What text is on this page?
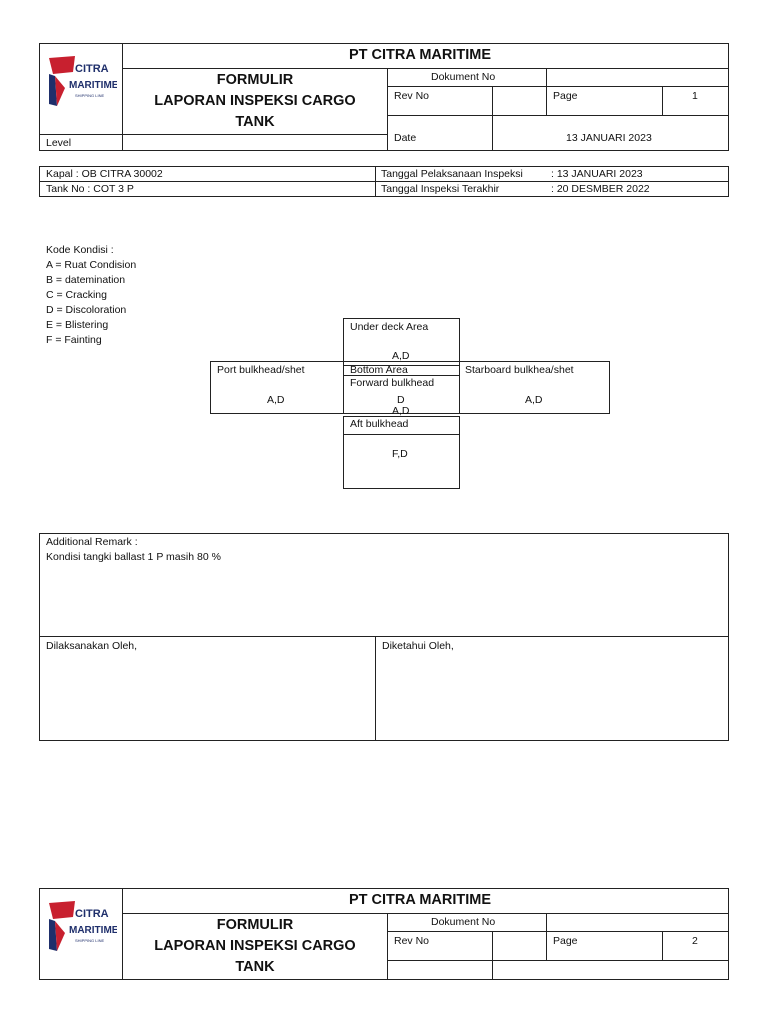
CITRA
MARITIME
SHIPPING LINE
PT CITRA MARITIME
FORMULIR
LAPORAN INSPEKSI CARGO
TANK
Dokument No
Rev No	Page	1
Date	13 JANUARI 2023
Level
Kapal : OB CITRA 30002
Tank No : COT 3 P
Tanggal Pelaksanaan Inspeksi	: 13 JANUARI 2023
Tanggal Inspeksi Terakhir	: 20 DESMBER 2022
Kode Kondisi :
A = Ruat Condision
B = datemination
C = Cracking
D = Discoloration
E = Blistering
F = Fainting
Under deck Area
A,D
Port bulkhead/shet
A,D
Bottom Area
Forward bulkhead
D
A,D
Starboard bulkhea/shet
A,D
Aft bulkhead
F,D
Additional Remark :
Kondisi tangki ballast 1 P masih 80 %
Dilaksanakan Oleh,	Diketahui Oleh,
CITRA
MARITIME
SHIPPING LINE
PT CITRA MARITIME
FORMULIR
LAPORAN INSPEKSI CARGO
TANK
Dokument No
Rev No	Page	2
